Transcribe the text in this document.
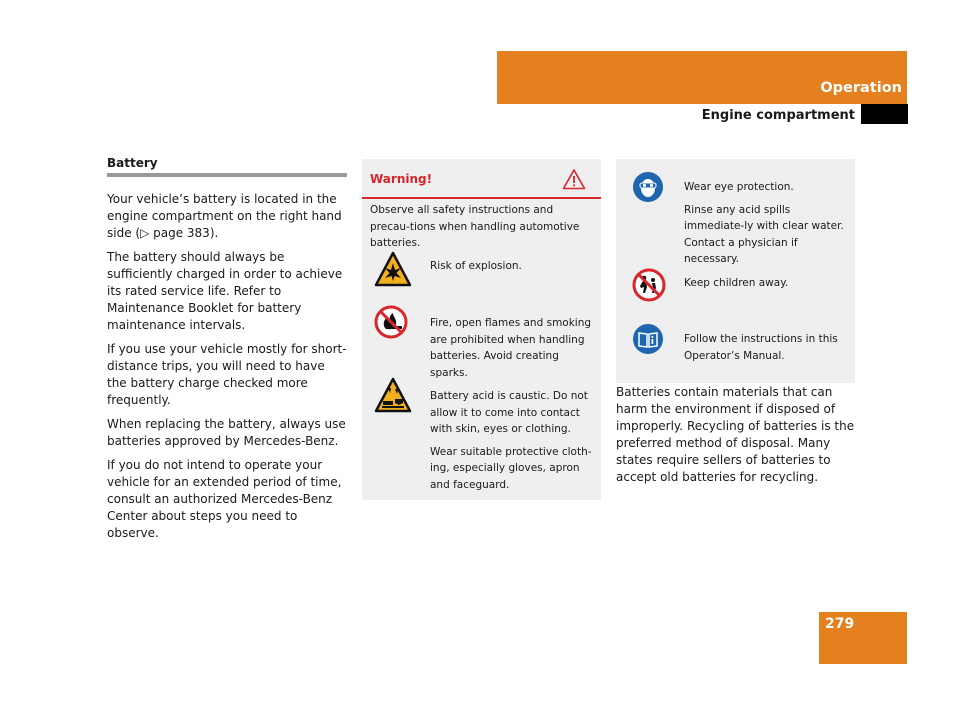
Operation
Engine compartment
Battery

Your vehicle’s battery is located in the engine compartment on the right hand side (▷ page 383).

The battery should always be sufficiently charged in order to achieve its rated service life. Refer to Maintenance Booklet for battery maintenance intervals.

If you use your vehicle mostly for short-distance trips, you will need to have the battery charge checked more frequently.

When replacing the battery, always use batteries approved by Mercedes-Benz.

If you do not intend to operate your vehicle for an extended period of time, consult an authorized Mercedes-Benz Center about steps you need to observe.

Warning!
Observe all safety instructions and precau-tions when handling automotive batteries.
Risk of explosion.
Fire, open flames and smoking are prohibited when handling batteries. Avoid creating sparks.

Battery acid is caustic. Do not allow it to come into contact with skin, eyes or clothing.

Wear suitable protective cloth-ing, especially gloves, apron and faceguard.

Wear eye protection.

Rinse any acid spills immediate-ly with clear water. Contact a physician if necessary.

Keep children away.
Follow the instructions in this Operator’s Manual.

Batteries contain materials that can harm the environment if disposed of improperly. Recycling of batteries is the preferred method of disposal. Many states require sellers of batteries to accept old batteries for recycling.

279
